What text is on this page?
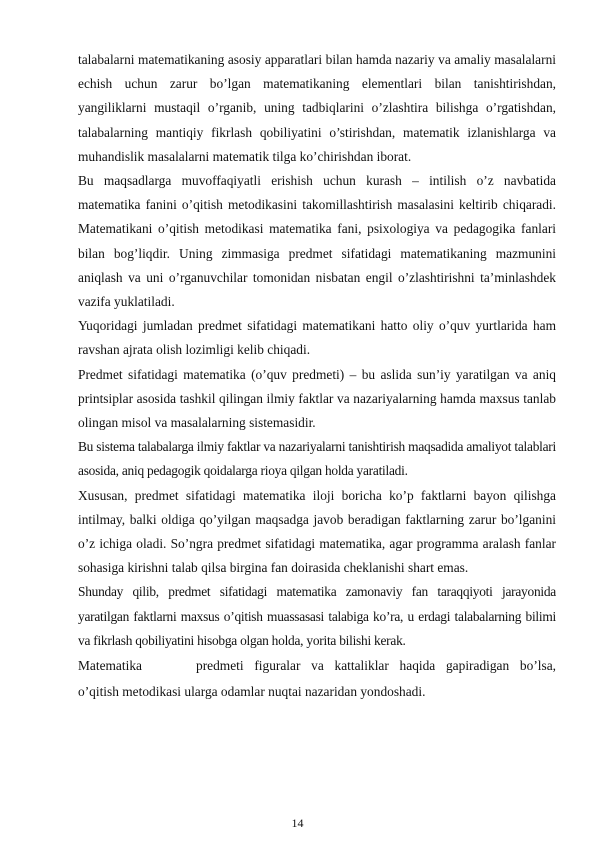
talabalarni matematikaning asosiy apparatlari bilan hamda nazariy va amaliy masalalarni echish uchun zarur bo’lgan matematikaning elementlari bilan tanishtirishdan, yangiliklarni mustaqil o’rganib, uning tadbiqlarini o’zlashtira bilishga o’rgatishdan, talabalarning mantiqiy fikrlash qobiliyatini o’stirishdan, matematik izlanishlarga va muhandislik masalalarni matematik tilga ko’chirishdan iborat.

Bu maqsadlarga muvoffaqiyatli erishish uchun kurash – intilish o’z navbatida matematika fanini o’qitish metodikasini takomillashtirish masalasini keltirib chiqaradi. Matematikani o’qitish metodikasi matematika fani, psixologiya va pedagogika fanlari bilan bog’liqdir. Uning zimmasiga predmet sifatidagi matematikaning mazmunini aniqlash va uni o’rganuvchilar tomonidan nisbatan engil o’zlashtirishni ta’minlashdek vazifa yuklatiladi.

Yuqoridagi jumladan predmet sifatidagi matematikani hatto oliy o’quv yurtlarida ham ravshan ajrata olish lozimligi kelib chiqadi.

Predmet sifatidagi matematika (o’quv predmeti) – bu aslida sun’iy yaratilgan va aniq printsiplar asosida tashkil qilingan ilmiy faktlar va nazariyalarning hamda maxsus tanlab olingan misol va masalalarning sistemasidir.

Bu sistema talabalarga ilmiy faktlar va nazariyalarni tanishtirish maqsadida amaliyot talablari asosida, aniq pedagogik qoidalarga rioya qilgan holda yaratiladi.

Xususan, predmet sifatidagi matematika iloji boricha ko’p faktlarni bayon qilishga intilmay, balki oldiga qo’yilgan maqsadga javob beradigan faktlarning zarur bo’lganini o’z ichiga oladi. So’ngra predmet sifatidagi matematika, agar programma aralash fanlar sohasiga kirishni talab qilsa birgina fan doirasida cheklanishi shart emas.

Shunday qilib, predmet sifatidagi matematika zamonaviy fan taraqqiyoti jarayonida yaratilgan faktlarni maxsus o’qitish muassasasi talabiga ko’ra, u erdagi talabalarning bilimi va fikrlash qobiliyatini hisobga olgan holda, yorita bilishi kerak.

Matematika	predmeti figuralar va kattaliklar haqida gapiradigan bo’lsa,
o’qitish metodikasi ularga odamlar nuqtai nazaridan yondoshadi.
14
